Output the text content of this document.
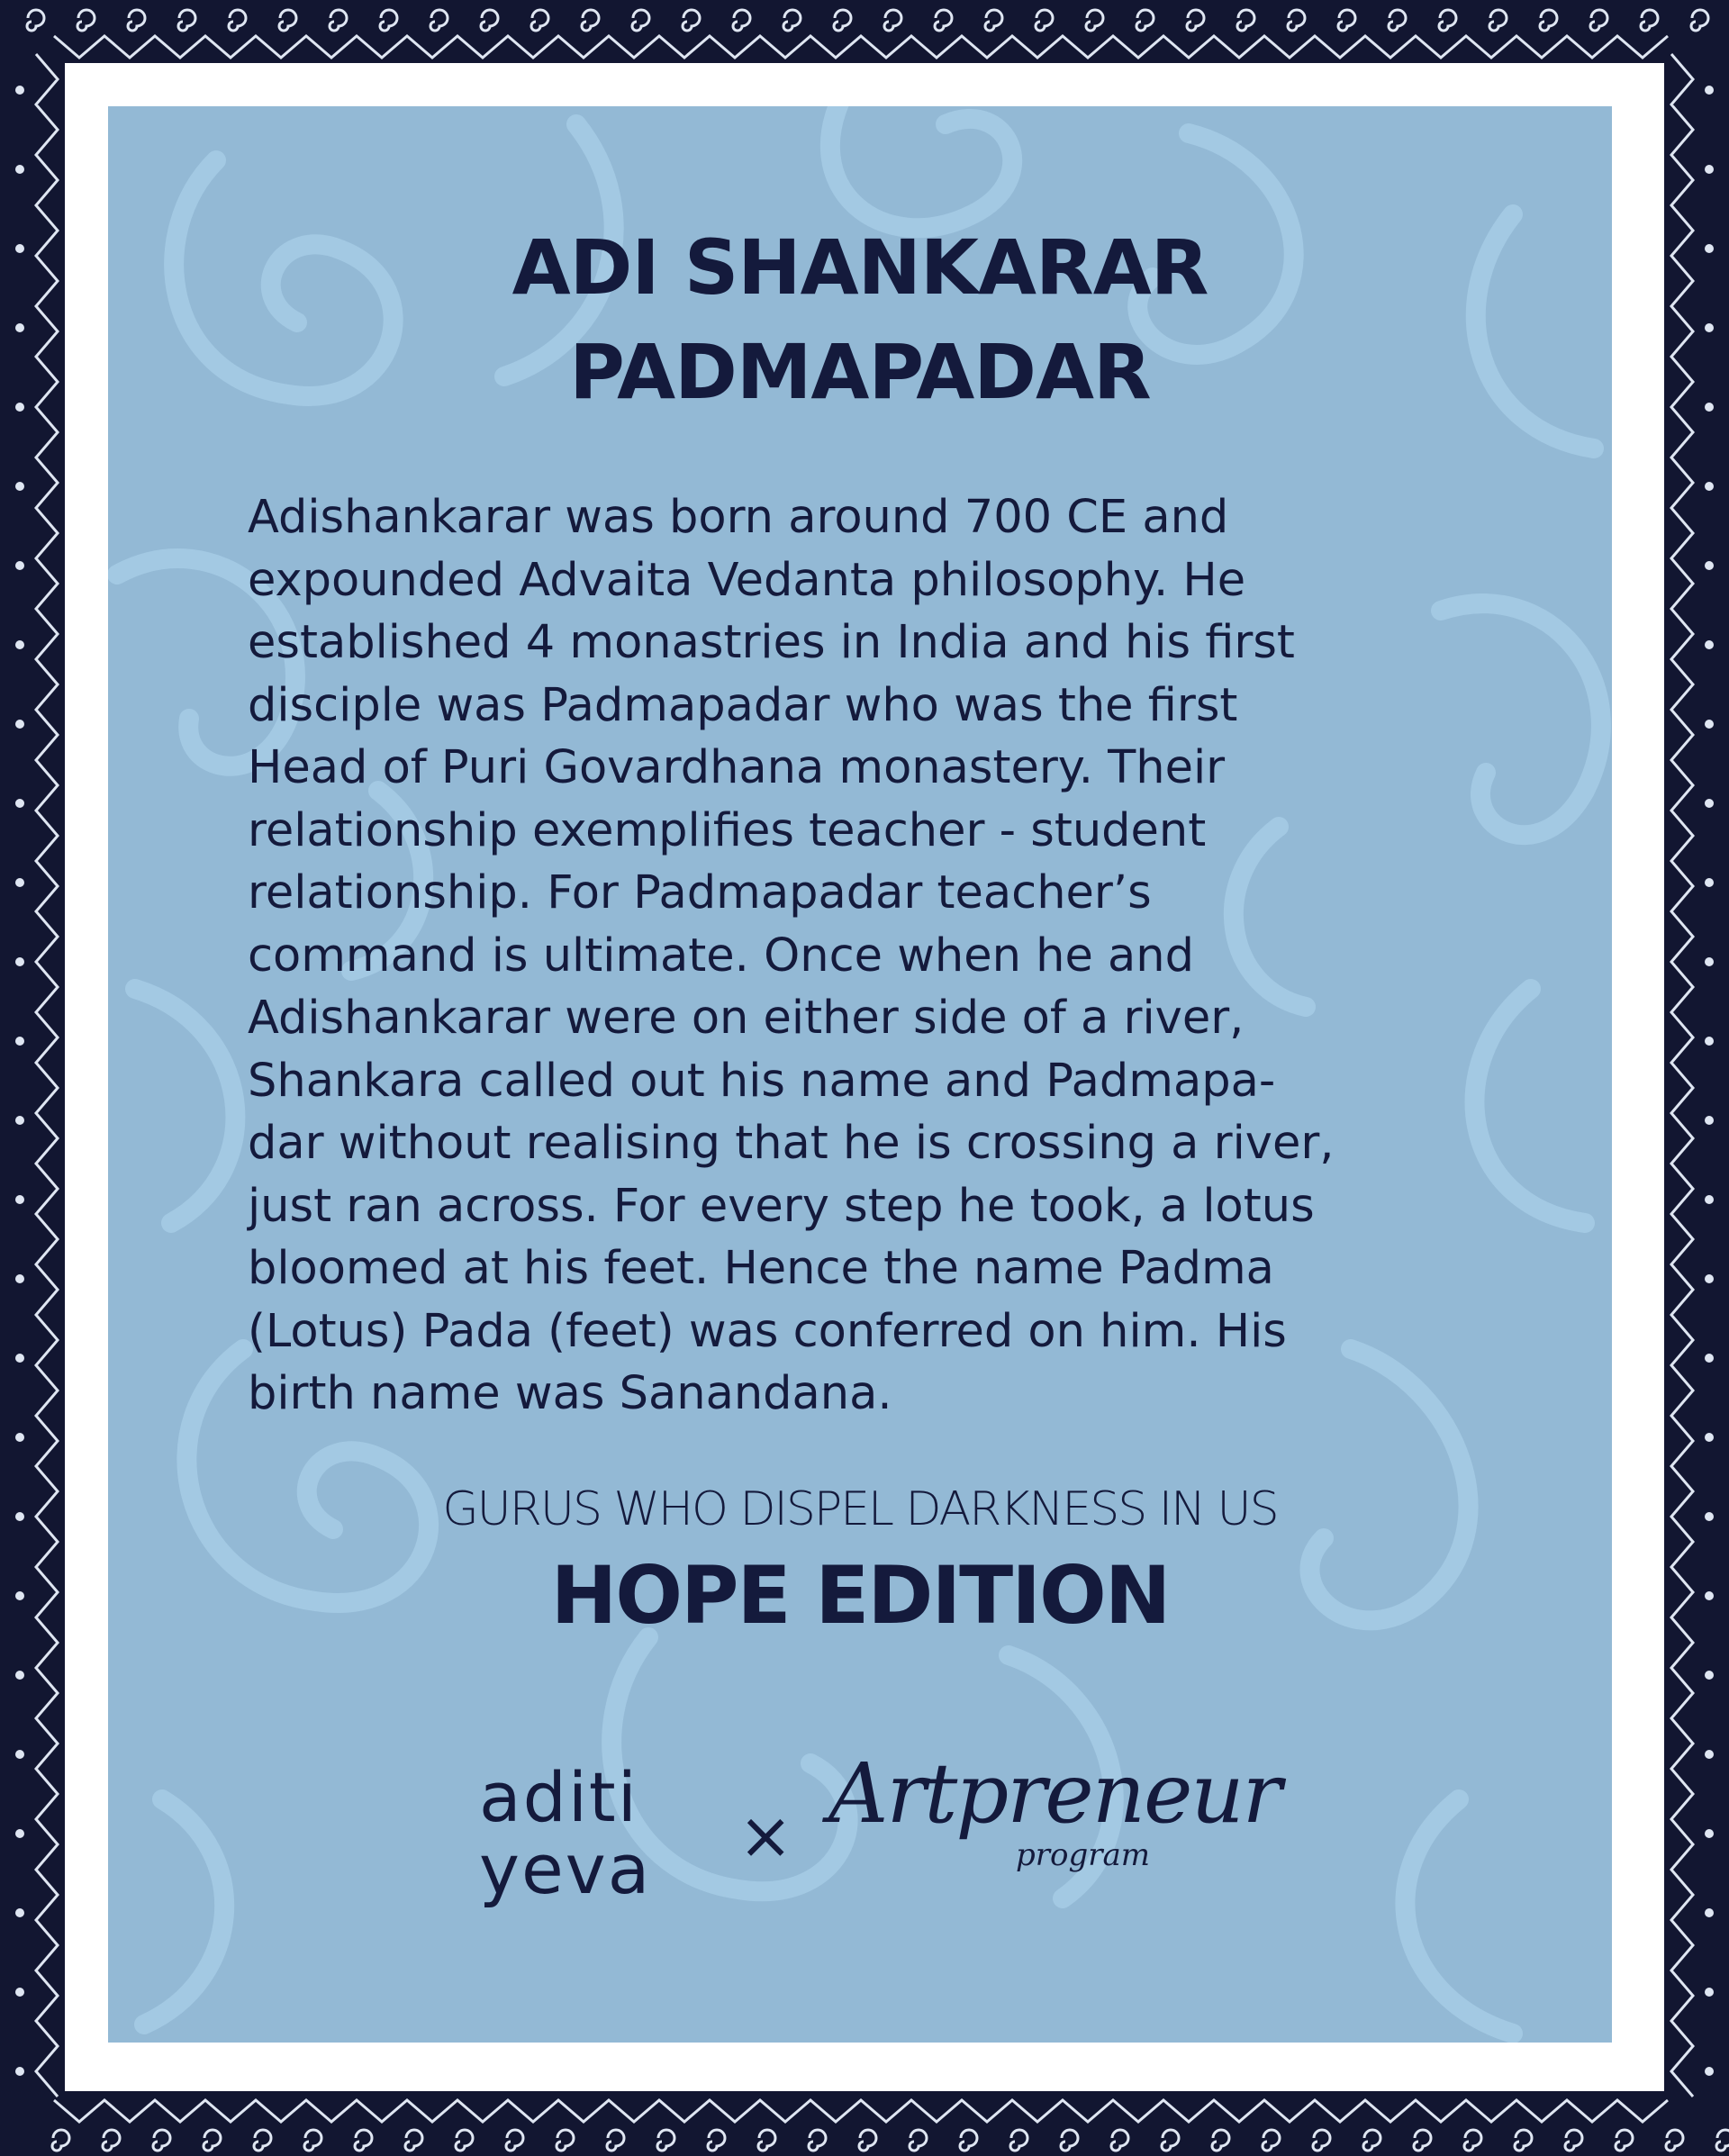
ADI SHANKARAR
PADMAPADAR
Adishankarar was born around 700 CE and
expounded Advaita Vedanta philosophy. He
established 4 monastries in India and his first
disciple was Padmapadar who was the first
Head of Puri Govardhana monastery. Their
relationship exemplifies teacher - student
relationship. For Padmapadar teacher’s
command is ultimate. Once when he and
Adishankarar were on either side of a river,
Shankara called out his name and Padmapa-
dar without realising that he is crossing a river,
just ran across. For every step he took, a lotus
bloomed at his feet. Hence the name Padma
(Lotus) Pada (feet) was conferred on him. His
birth name was Sanandana.
GURUS WHO DISPEL DARKNESS IN US
HOPE EDITION
aditi
yeva	× Artpreneur
program
